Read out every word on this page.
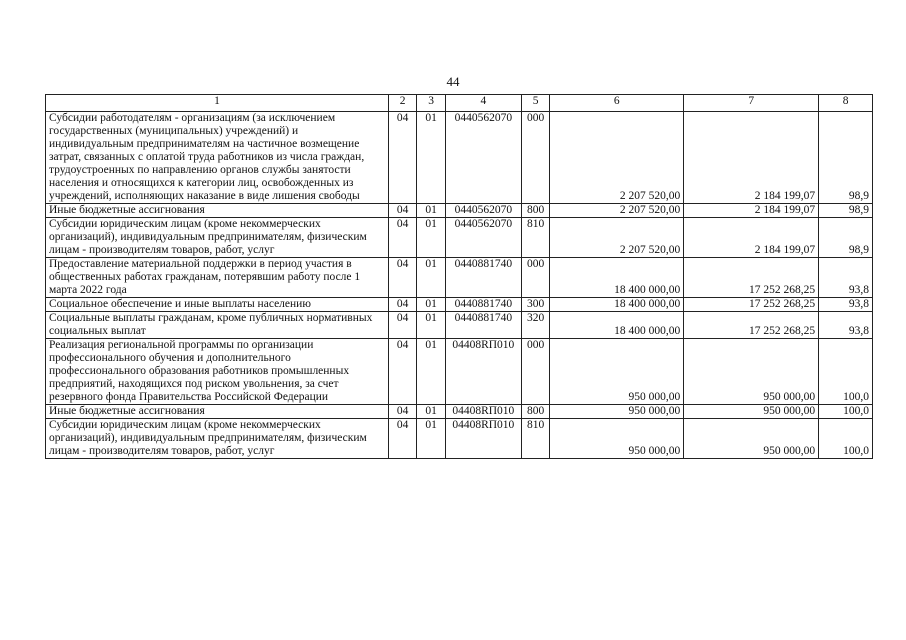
44
1	2	3	4	5	6	7	8
Субсидии работодателям - организациям (за исключением государственных (муниципальных) учреждений) и индивидуальным предпринимателям на частичное возмещение затрат, связанных с оплатой труда работников из числа граждан, трудоустроенных по направлению органов службы занятости населения и относящихся к категории лиц, освобожденных из учреждений, исполняющих наказание в виде лишения свободы	04	01	0440562070	000	2 207 520,00	2 184 199,07	98,9
Иные бюджетные ассигнования	04	01	0440562070	800	2 207 520,00	2 184 199,07	98,9
Субсидии юридическим лицам (кроме некоммерческих организаций), индивидуальным предпринимателям, физическим лицам - производителям товаров, работ, услуг	04	01	0440562070	810	2 207 520,00	2 184 199,07	98,9
Предоставление материальной поддержки в период участия в общественных работах гражданам, потерявшим работу после 1 марта 2022 года	04	01	0440881740	000	18 400 000,00	17 252 268,25	93,8
Социальное обеспечение и иные выплаты населению	04	01	0440881740	300	18 400 000,00	17 252 268,25	93,8
Социальные выплаты гражданам, кроме публичных нормативных социальных выплат	04	01	0440881740	320	18 400 000,00	17 252 268,25	93,8
Реализация региональной программы по организации профессионального обучения и дополнительного профессионального образования работников промышленных предприятий, находящихся под риском увольнения, за счет резервного фонда Правительства Российской Федерации	04	01	04408RП010	000	950 000,00	950 000,00	100,0
Иные бюджетные ассигнования	04	01	04408RП010	800	950 000,00	950 000,00	100,0
Субсидии юридическим лицам (кроме некоммерческих организаций), индивидуальным предпринимателям, физическим лицам - производителям товаров, работ, услуг	04	01	04408RП010	810	950 000,00	950 000,00	100,0
